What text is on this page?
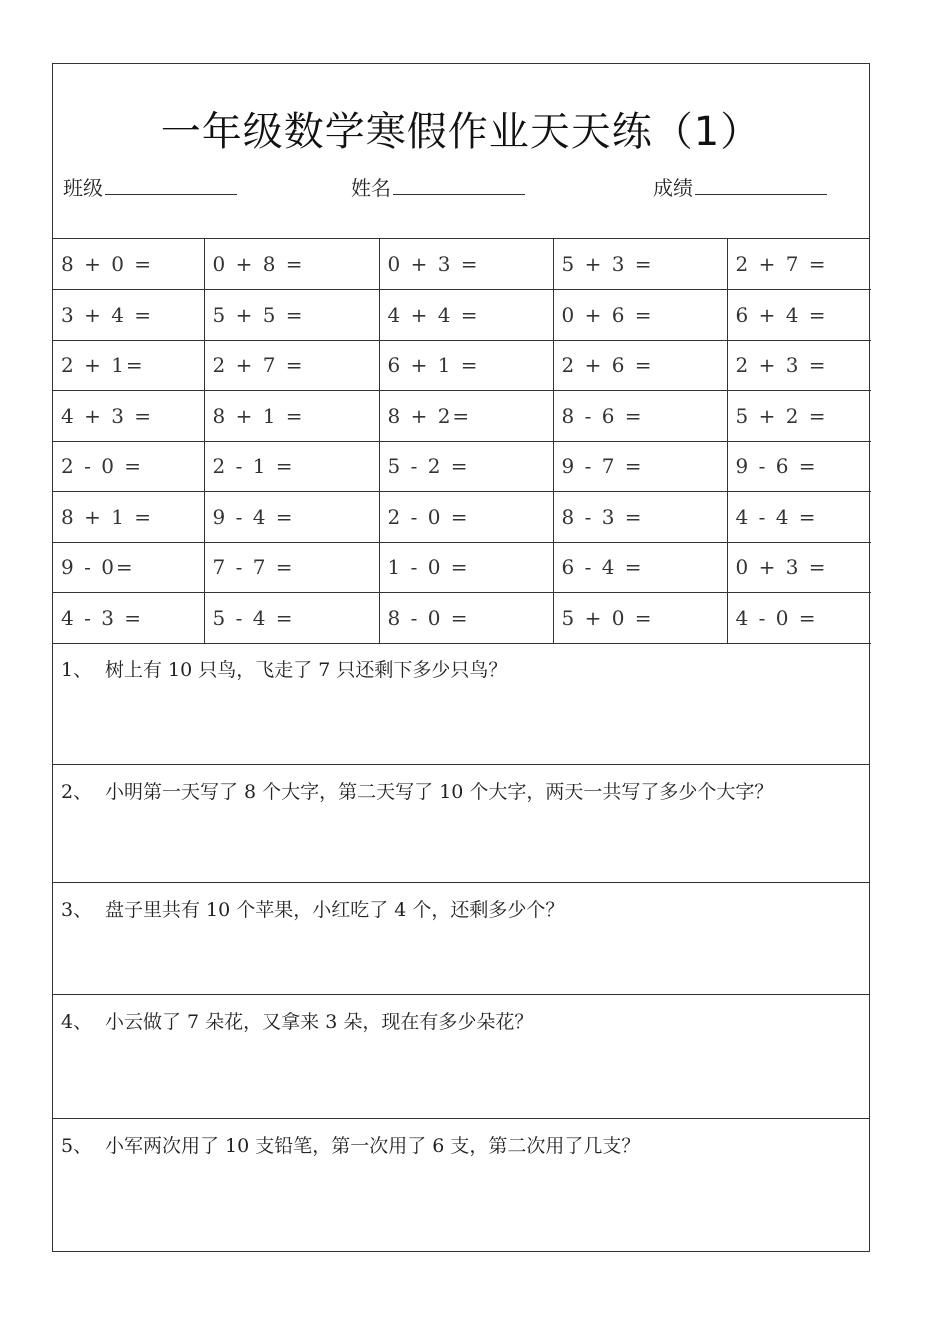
一年级数学寒假作业天天练（1）
班级	姓名	成绩
8 + 0 =	0 + 8 =	0 + 3 =	5 + 3 =	2 + 7 =
3 + 4 =	5 + 5 =	4 + 4 =	0 + 6 =	6 + 4 =
2 + 1=	2 + 7 =	6 + 1 =	2 + 6 =	2 + 3 =
4 + 3 =	8 + 1 =	8 + 2=	8 - 6 =	5 + 2 =
2 - 0 =	2 - 1 =	5 - 2 =	9 - 7 =	9 - 6 =
8 + 1 =	9 - 4 =	2 - 0 =	8 - 3 =	4 - 4 =
9 - 0=	7 - 7 =	1 - 0 =	6 - 4 =	0 + 3 =
4 - 3 =	5 - 4 =	8 - 0 =	5 + 0 =	4 - 0 =
1、 树上有 10 只鸟，飞走了 7 只还剩下多少只鸟？
2、 小明第一天写了 8 个大字，第二天写了 10 个大字，两天一共写了多少个大字？
3、 盘子里共有 10 个苹果，小红吃了 4 个，还剩多少个？
4、 小云做了 7 朵花，又拿来 3 朵，现在有多少朵花？
5、 小军两次用了 10 支铅笔，第一次用了 6 支，第二次用了几支？
